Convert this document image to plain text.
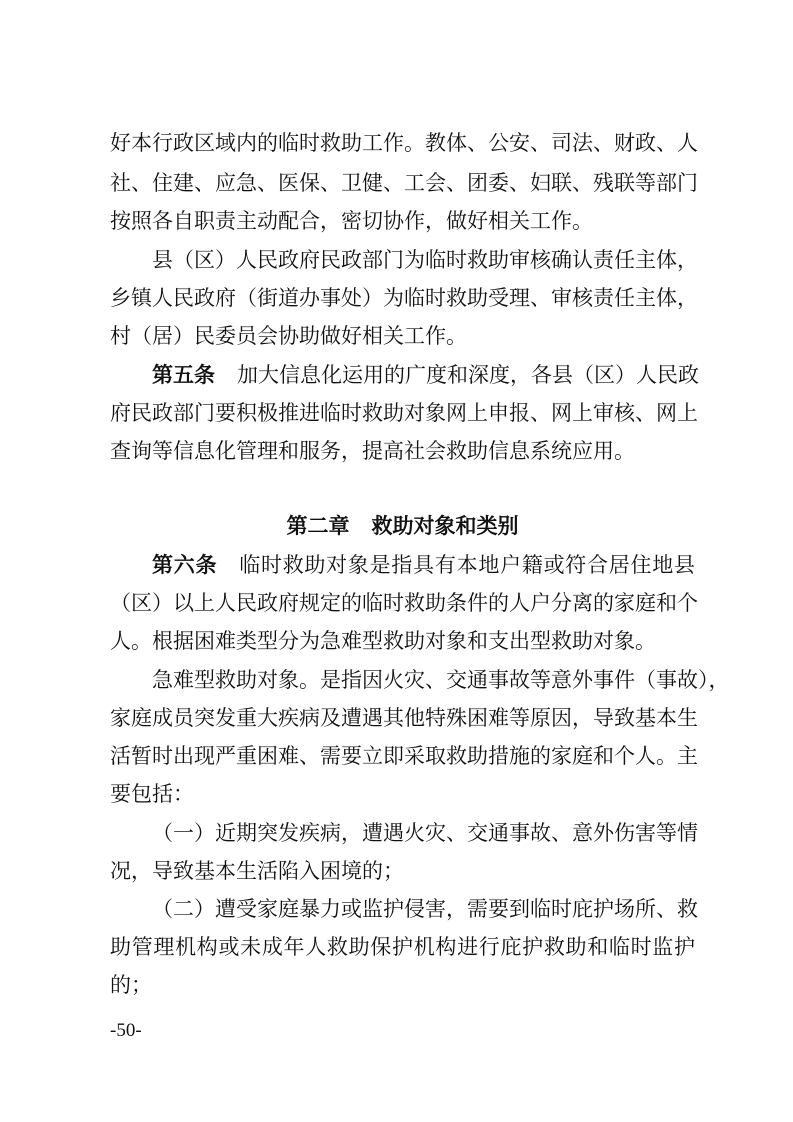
好本行政区域内的临时救助工作。教体、公安、司法、财政、人
社、住建、应急、医保、卫健、工会、团委、妇联、残联等部门
按照各自职责主动配合，密切协作，做好相关工作。
县（区）人民政府民政部门为临时救助审核确认责任主体，
乡镇人民政府（街道办事处）为临时救助受理、审核责任主体，
村（居）民委员会协助做好相关工作。
第五条 加大信息化运用的广度和深度，各县（区）人民政
府民政部门要积极推进临时救助对象网上申报、网上审核、网上
查询等信息化管理和服务，提高社会救助信息系统应用。
第二章 救助对象和类别
第六条 临时救助对象是指具有本地户籍或符合居住地县
（区）以上人民政府规定的临时救助条件的人户分离的家庭和个
人。根据困难类型分为急难型救助对象和支出型救助对象。
急难型救助对象。是指因火灾、交通事故等意外事件（事故），
家庭成员突发重大疾病及遭遇其他特殊困难等原因，导致基本生
活暂时出现严重困难、需要立即采取救助措施的家庭和个人。主
要包括：
（一）近期突发疾病，遭遇火灾、交通事故、意外伤害等情
况，导致基本生活陷入困境的；
（二）遭受家庭暴力或监护侵害，需要到临时庇护场所、救
助管理机构或未成年人救助保护机构进行庇护救助和临时监护
的；
-50-
